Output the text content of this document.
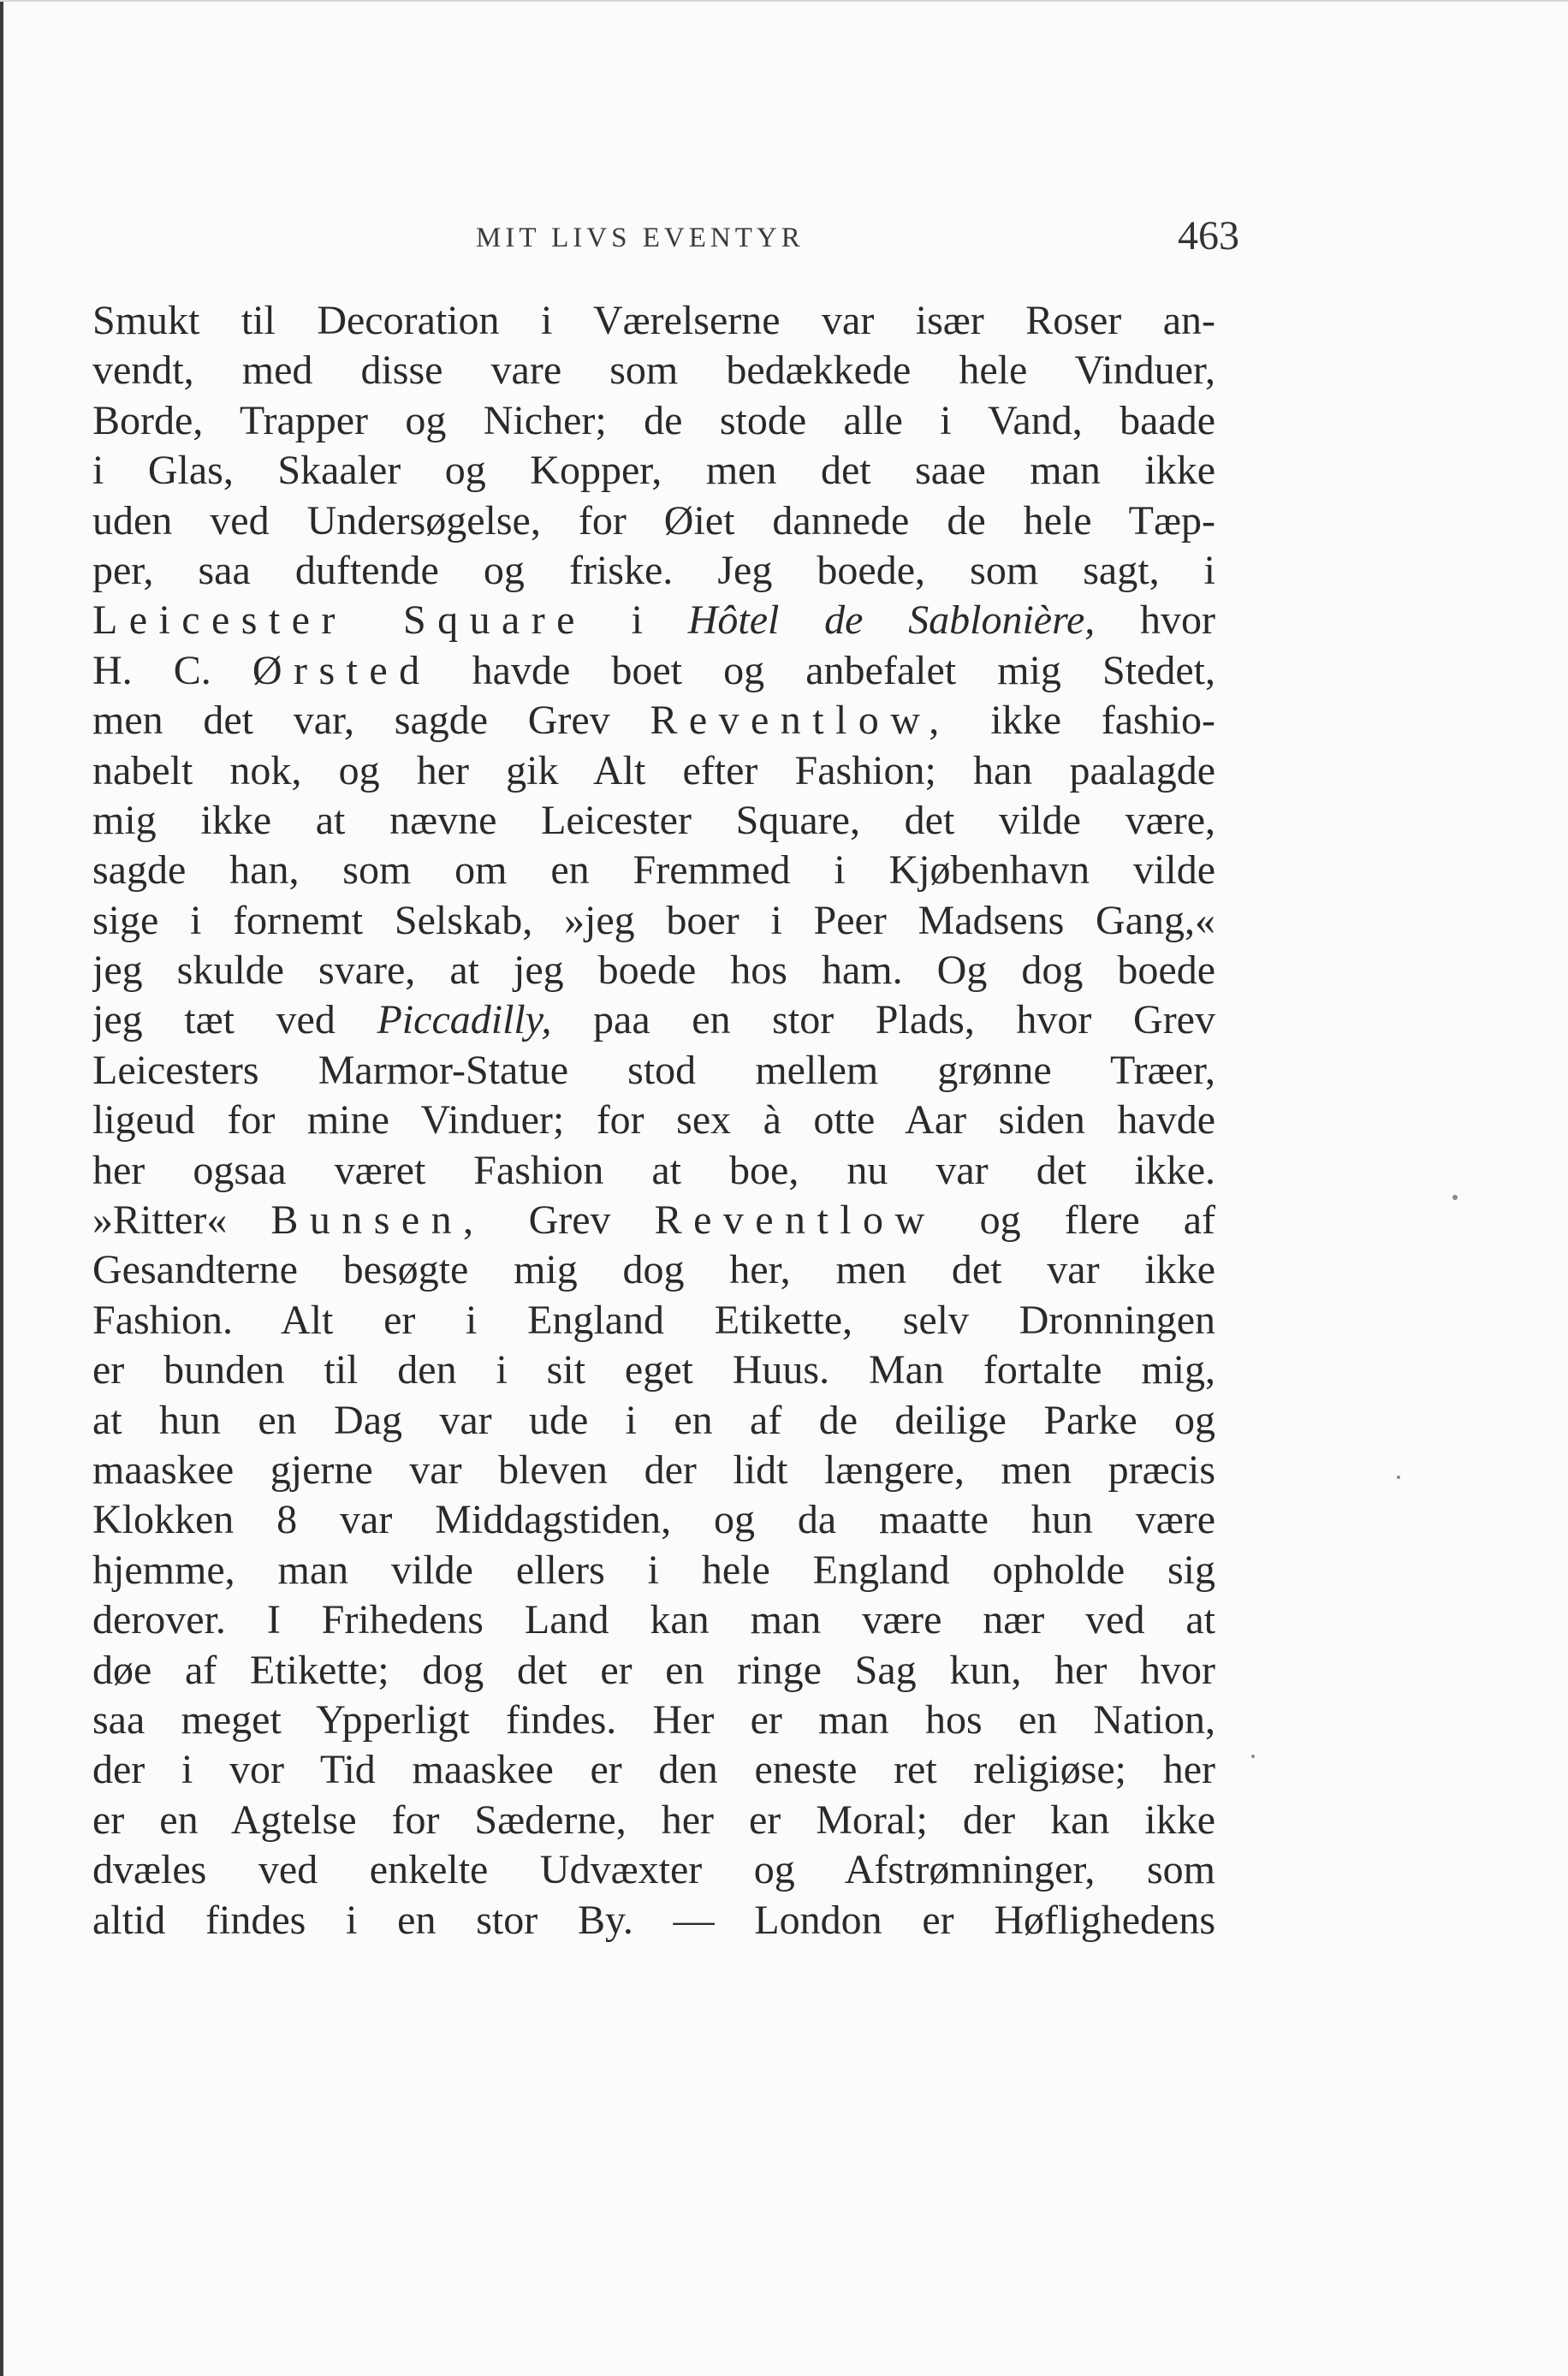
MIT LIVS EVENTYR	463
Smukt til Decoration i Værelserne var især Roser an-
vendt, med disse vare som bedækkede hele Vinduer,
Borde, Trapper og Nicher; de stode alle i Vand, baade
i Glas, Skaaler og Kopper, men det saae man ikke
uden ved Undersøgelse, for Øiet dannede de hele Tæp-
per, saa duftende og friske. Jeg boede, som sagt, i
Leicester Square i Hôtel de Sablonière, hvor
H. C. Ørsted havde boet og anbefalet mig Stedet,
men det var, sagde Grev Reventlow, ikke fashio-
nabelt nok, og her gik Alt efter Fashion; han paalagde
mig ikke at nævne Leicester Square, det vilde være,
sagde han, som om en Fremmed i Kjøbenhavn vilde
sige i fornemt Selskab, »jeg boer i Peer Madsens Gang,«
jeg skulde svare, at jeg boede hos ham. Og dog boede
jeg tæt ved Piccadilly, paa en stor Plads, hvor Grev
Leicesters Marmor-Statue stod mellem grønne Træer,
ligeud for mine Vinduer; for sex à otte Aar siden havde
her ogsaa været Fashion at boe, nu var det ikke.
»Ritter« Bunsen, Grev Reventlow og flere af
Gesandterne besøgte mig dog her, men det var ikke
Fashion. Alt er i England Etikette, selv Dronningen
er bunden til den i sit eget Huus. Man fortalte mig,
at hun en Dag var ude i en af de deilige Parke og
maaskee gjerne var bleven der lidt længere, men præcis
Klokken 8 var Middagstiden, og da maatte hun være
hjemme, man vilde ellers i hele England opholde sig
derover. I Frihedens Land kan man være nær ved at
døe af Etikette; dog det er en ringe Sag kun, her hvor
saa meget Ypperligt findes. Her er man hos en Nation,
der i vor Tid maaskee er den eneste ret religiøse; her
er en Agtelse for Sæderne, her er Moral; der kan ikke
dvæles ved enkelte Udvæxter og Afstrømninger, som
altid findes i en stor By. — London er Høflighedens
